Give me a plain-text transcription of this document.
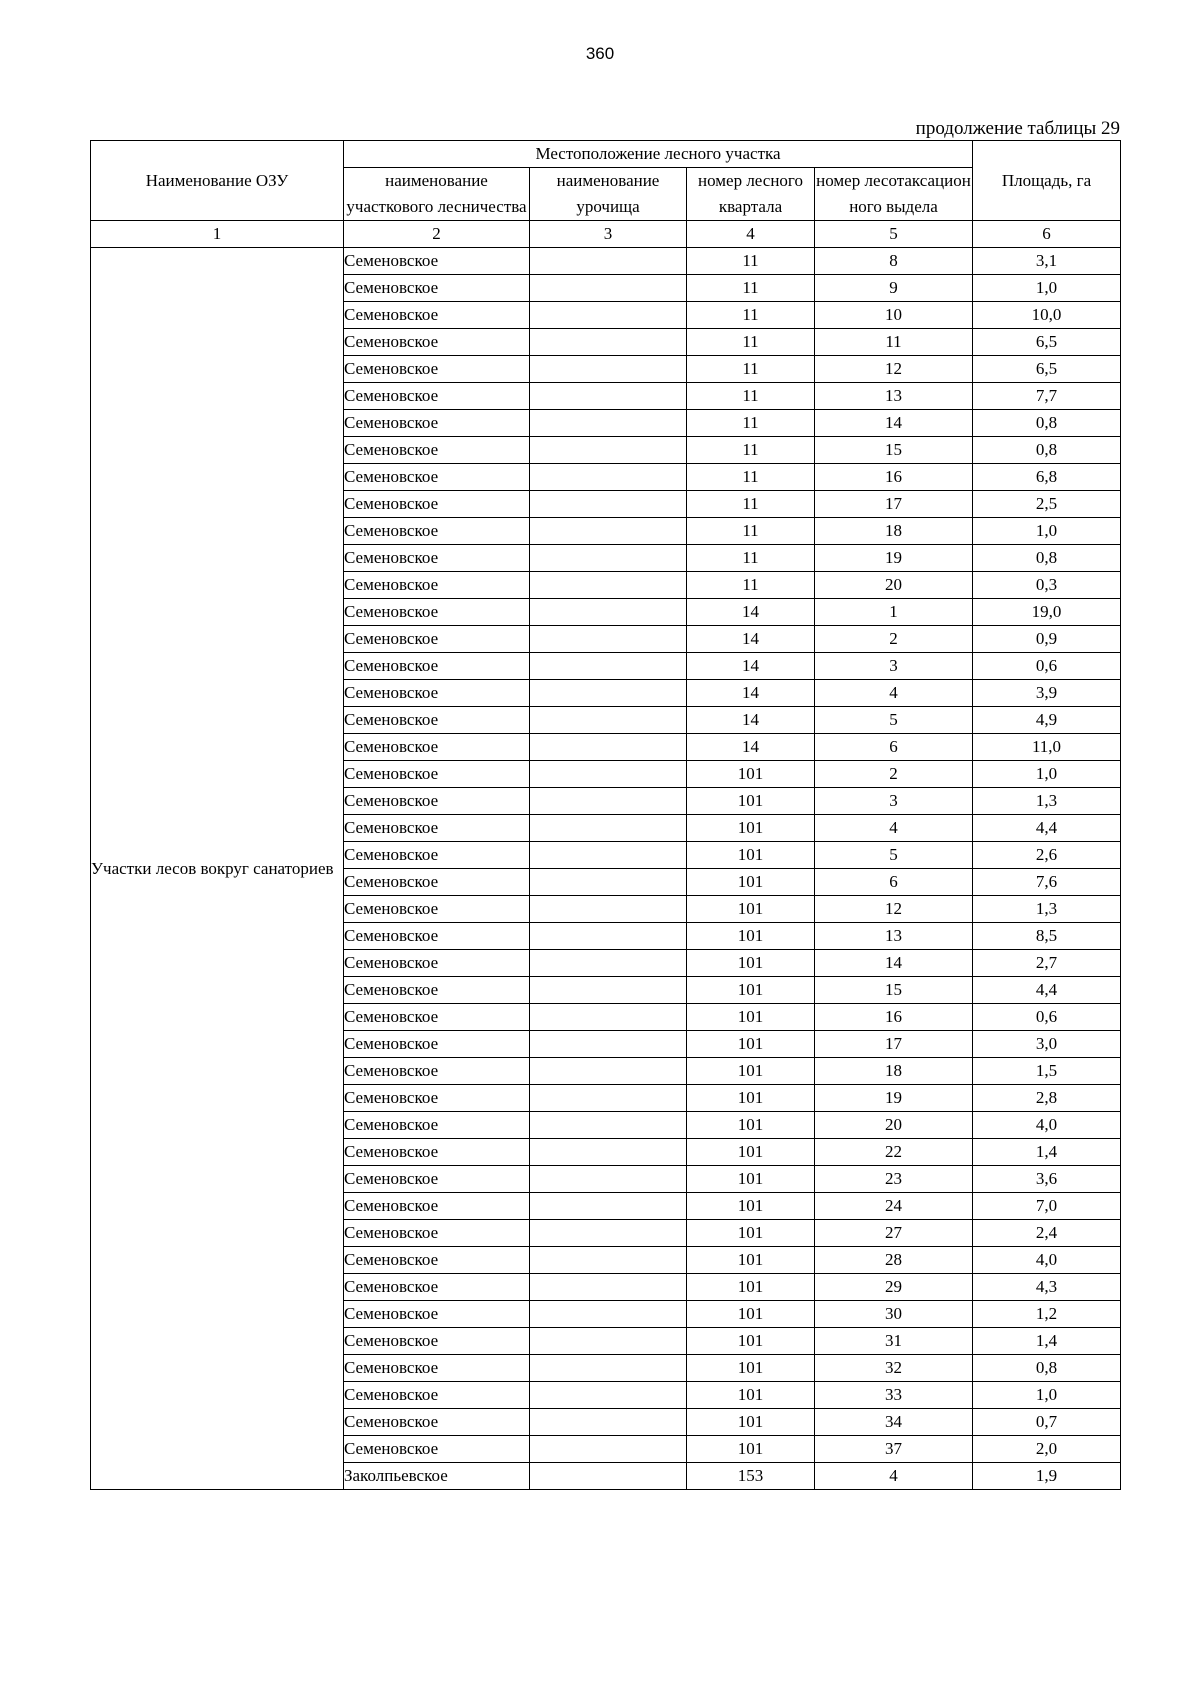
360
продолжение таблицы 29
Наименование ОЗУ	Местоположение лесного участка				Площадь, га
	наименование участкового лесничества	наименование урочища	номер лесного квартала	номер лесотаксацион ного выдела	
1	2	3	4	5	6
Участки лесов вокруг санаториев	Семеновское		11	8	3,1
	Семеновское		11	9	1,0
	Семеновское		11	10	10,0
	Семеновское		11	11	6,5
	Семеновское		11	12	6,5
	Семеновское		11	13	7,7
	Семеновское		11	14	0,8
	Семеновское		11	15	0,8
	Семеновское		11	16	6,8
	Семеновское		11	17	2,5
	Семеновское		11	18	1,0
	Семеновское		11	19	0,8
	Семеновское		11	20	0,3
	Семеновское		14	1	19,0
	Семеновское		14	2	0,9
	Семеновское		14	3	0,6
	Семеновское		14	4	3,9
	Семеновское		14	5	4,9
	Семеновское		14	6	11,0
	Семеновское		101	2	1,0
	Семеновское		101	3	1,3
	Семеновское		101	4	4,4
	Семеновское		101	5	2,6
	Семеновское		101	6	7,6
	Семеновское		101	12	1,3
	Семеновское		101	13	8,5
	Семеновское		101	14	2,7
	Семеновское		101	15	4,4
	Семеновское		101	16	0,6
	Семеновское		101	17	3,0
	Семеновское		101	18	1,5
	Семеновское		101	19	2,8
	Семеновское		101	20	4,0
	Семеновское		101	22	1,4
	Семеновское		101	23	3,6
	Семеновское		101	24	7,0
	Семеновское		101	27	2,4
	Семеновское		101	28	4,0
	Семеновское		101	29	4,3
	Семеновское		101	30	1,2
	Семеновское		101	31	1,4
	Семеновское		101	32	0,8
	Семеновское		101	33	1,0
	Семеновское		101	34	0,7
	Семеновское		101	37	2,0
	Заколпьевское		153	4	1,9
